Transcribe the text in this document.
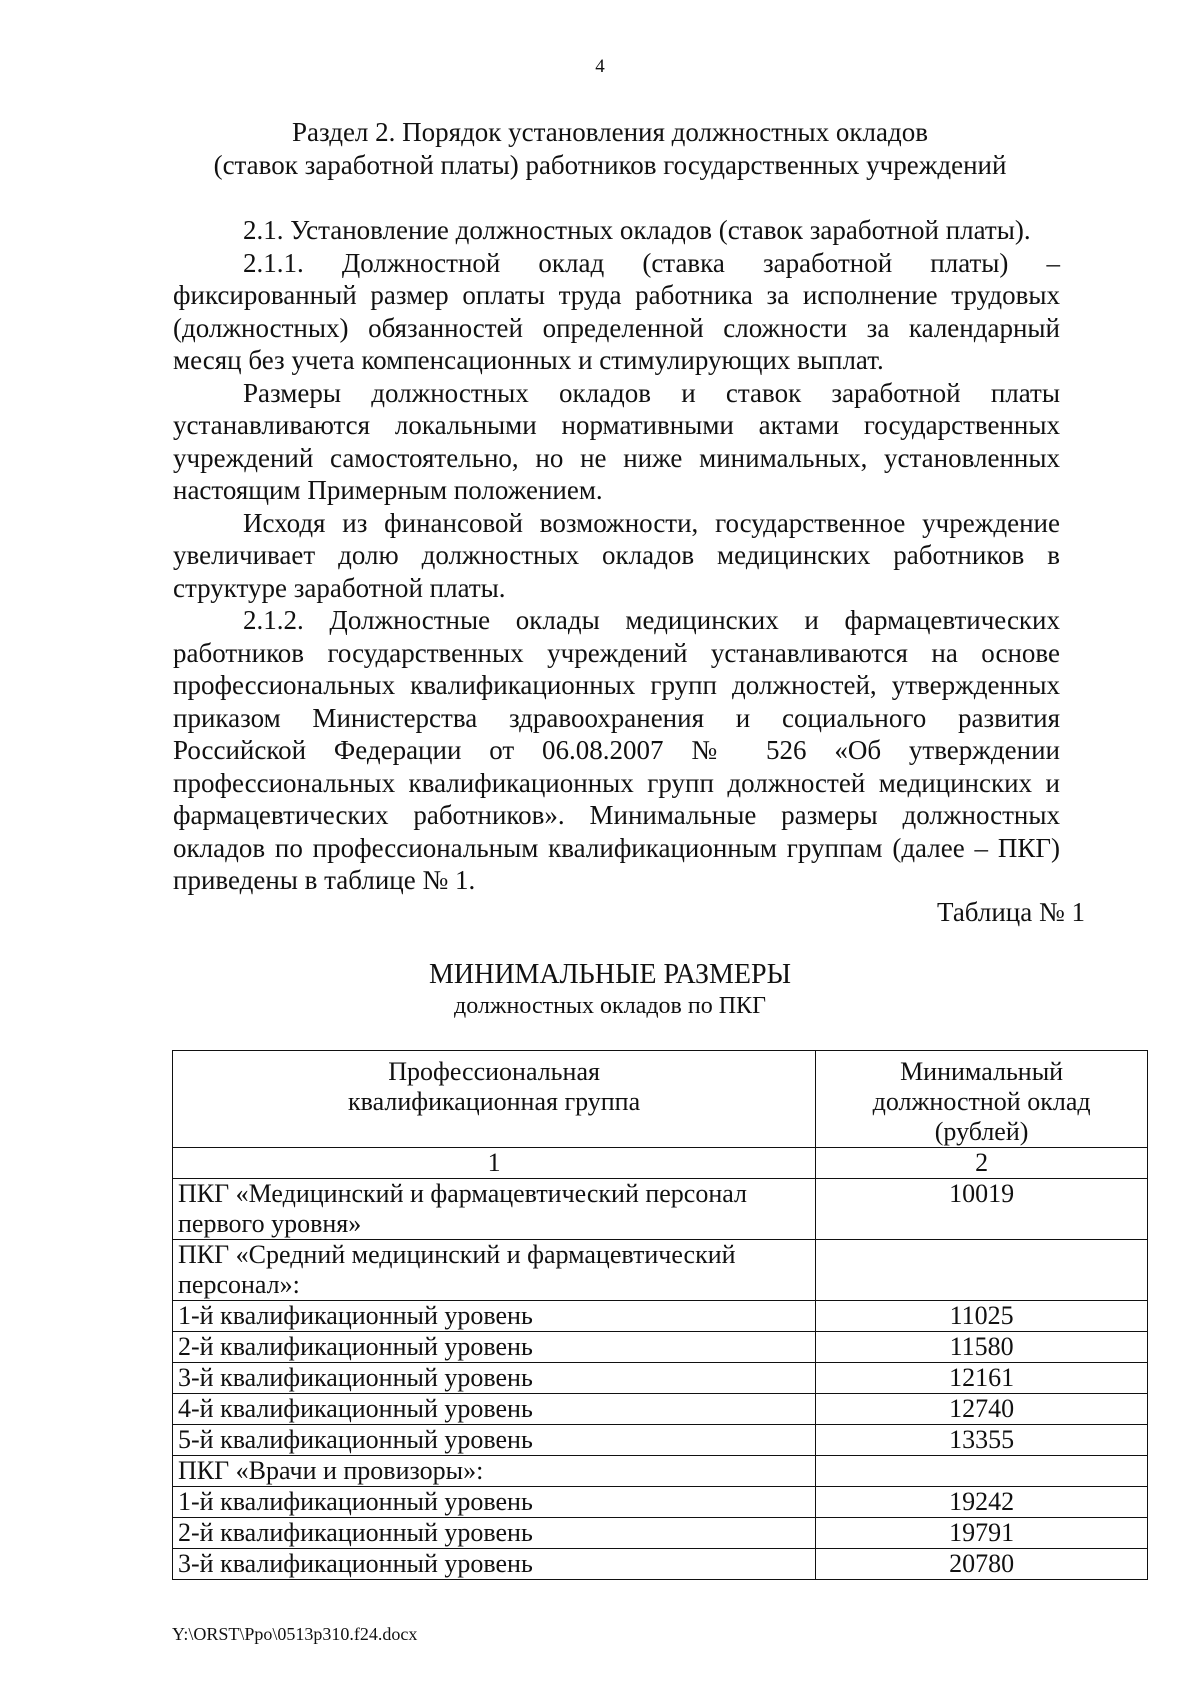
4
Раздел 2. Порядок установления должностных окладов
(ставок заработной платы) работников государственных учреждений

2.1. Установление должностных окладов (ставок заработной платы).

2.1.1. Должностной оклад (ставка заработной платы) – фиксированный размер оплаты труда работника за исполнение трудовых (должностных) обязанностей определенной сложности за календарный месяц без учета компенсационных и стимулирующих выплат.

Размеры должностных окладов и ставок заработной платы устанавливаются локальными нормативными актами государственных учреждений самостоятельно, но не ниже минимальных, установленных настоящим Примерным положением.

Исходя из финансовой возможности, государственное учреждение увеличивает долю должностных окладов медицинских работников в структуре заработной платы.

2.1.2. Должностные оклады медицинских и фармацевтических работников государственных учреждений устанавливаются на основе профессиональных квалификационных групп должностей, утвержденных приказом Министерства здравоохранения и социального развития Российской Федерации от 06.08.2007 № 526 «Об утверждении профессиональных квалификационных групп должностей медицинских и фармацевтических работников». Минимальные размеры должностных окладов по профессиональным квалификационным группам (далее – ПКГ) приведены в таблице № 1.

Таблица № 1
МИНИМАЛЬНЫЕ РАЗМЕРЫ
должностных окладов по ПКГ
Профессиональная квалификационная группа	Минимальный должностной оклад (рублей)

1	2
ПКГ «Медицинский и фармацевтический персонал первого уровня»	10019
ПКГ «Средний медицинский и фармацевтический персонал»:	
1-й квалификационный уровень	11025
2-й квалификационный уровень	11580
3-й квалификационный уровень	12161
4-й квалификационный уровень	12740
5-й квалификационный уровень	13355
ПКГ «Врачи и провизоры»:	
1-й квалификационный уровень	19242
2-й квалификационный уровень	19791
3-й квалификационный уровень	20780
Y:\ORST\Ppo\0513p310.f24.docx
